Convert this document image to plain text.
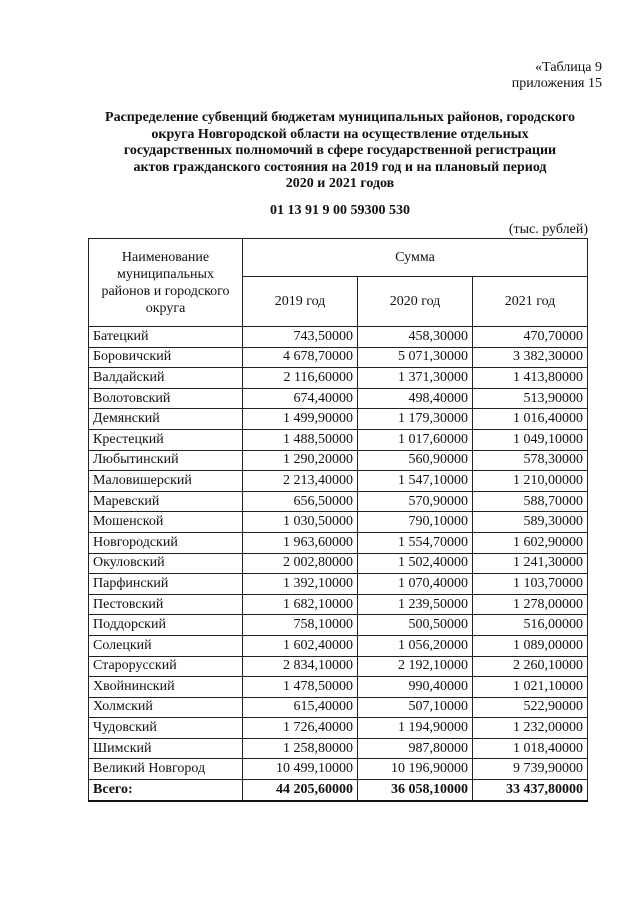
«Таблица 9
приложения 15
Распределение субвенций бюджетам муниципальных районов, городского
округа Новгородской области на осуществление отдельных
государственных полномочий в сфере государственной регистрации
актов гражданского состояния на 2019 год и на плановый период
2020 и 2021 годов
01 13 91 9 00 59300 530
(тыс. рублей)
Наименование муниципальных районов и городского округа	Сумма		
	2019 год	2020 год	2021 год
Батецкий	743,50000	458,30000	470,70000
Боровичский	4 678,70000	5 071,30000	3 382,30000
Валдайский	2 116,60000	1 371,30000	1 413,80000
Волотовский	674,40000	498,40000	513,90000
Демянский	1 499,90000	1 179,30000	1 016,40000
Крестецкий	1 488,50000	1 017,60000	1 049,10000
Любытинский	1 290,20000	560,90000	578,30000
Маловишерский	2 213,40000	1 547,10000	1 210,00000
Маревский	656,50000	570,90000	588,70000
Мошенской	1 030,50000	790,10000	589,30000
Новгородский	1 963,60000	1 554,70000	1 602,90000
Окуловский	2 002,80000	1 502,40000	1 241,30000
Парфинский	1 392,10000	1 070,40000	1 103,70000
Пестовский	1 682,10000	1 239,50000	1 278,00000
Поддорский	758,10000	500,50000	516,00000
Солецкий	1 602,40000	1 056,20000	1 089,00000
Старорусский	2 834,10000	2 192,10000	2 260,10000
Хвойнинский	1 478,50000	990,40000	1 021,10000
Холмский	615,40000	507,10000	522,90000
Чудовский	1 726,40000	1 194,90000	1 232,00000
Шимский	1 258,80000	987,80000	1 018,40000
Великий Новгород	10 499,10000	10 196,90000	9 739,90000
Всего:	44 205,60000	36 058,10000	33 437,80000
